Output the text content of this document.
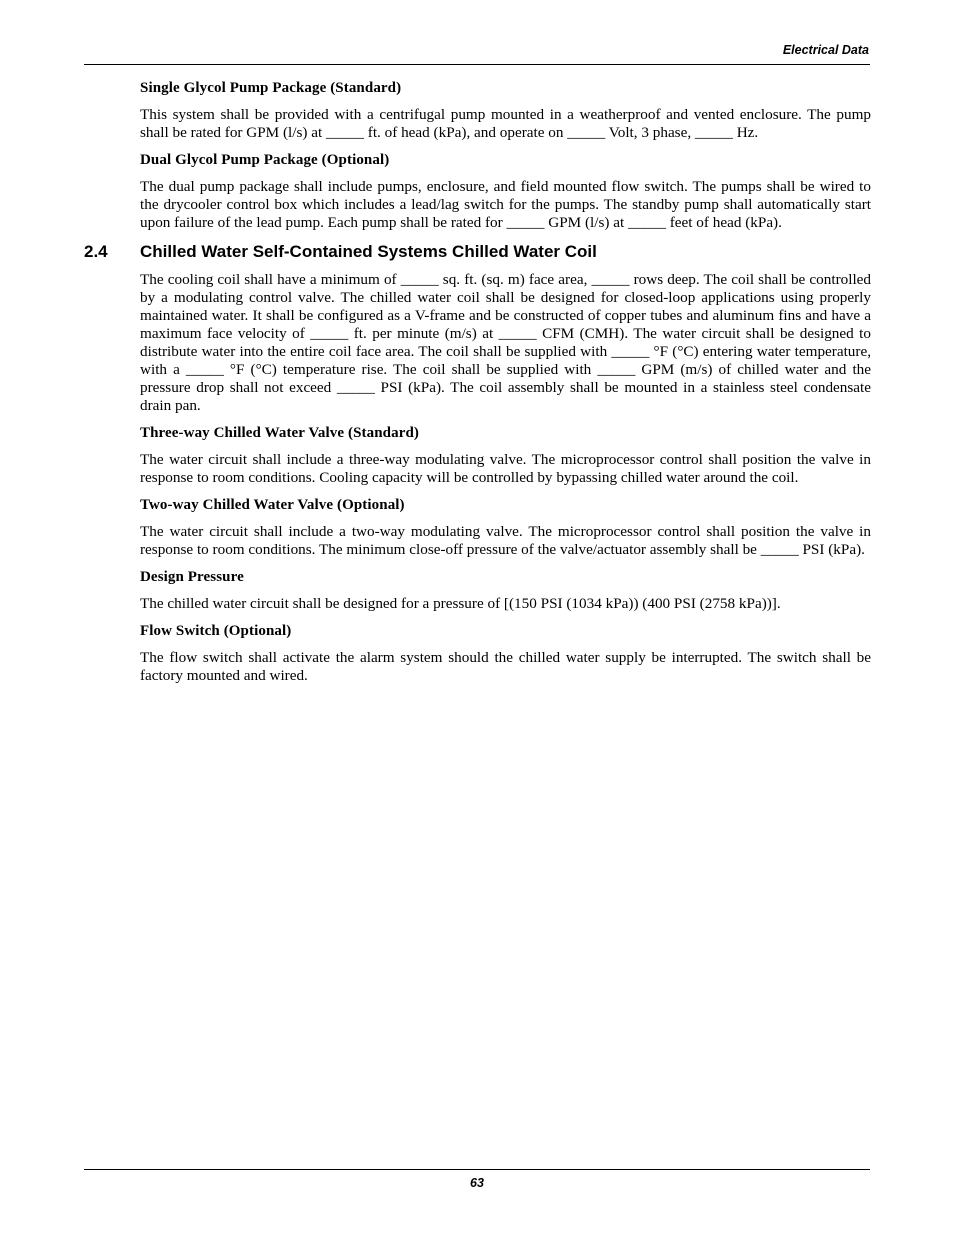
Electrical Data
Single Glycol Pump Package (Standard)
This system shall be provided with a centrifugal pump mounted in a weatherproof and vented enclosure. The pump shall be rated for GPM (l/s) at _____ ft. of head (kPa), and operate on _____ Volt, 3 phase, _____ Hz.
Dual Glycol Pump Package (Optional)
The dual pump package shall include pumps, enclosure, and field mounted flow switch. The pumps shall be wired to the drycooler control box which includes a lead/lag switch for the pumps. The standby pump shall automatically start upon failure of the lead pump. Each pump shall be rated for _____ GPM (l/s) at _____ feet of head (kPa).
2.4 Chilled Water Self-Contained Systems Chilled Water Coil
The cooling coil shall have a minimum of _____ sq. ft. (sq. m) face area, _____ rows deep. The coil shall be controlled by a modulating control valve. The chilled water coil shall be designed for closed-loop applications using properly maintained water. It shall be configured as a V-frame and be constructed of copper tubes and aluminum fins and have a maximum face velocity of _____ ft. per minute (m/s) at _____ CFM (CMH). The water circuit shall be designed to distribute water into the entire coil face area. The coil shall be supplied with _____ °F (°C) entering water temperature, with a _____ °F (°C) temperature rise. The coil shall be supplied with _____ GPM (m/s) of chilled water and the pressure drop shall not exceed _____ PSI (kPa). The coil assembly shall be mounted in a stainless steel condensate drain pan.
Three-way Chilled Water Valve (Standard)
The water circuit shall include a three-way modulating valve. The microprocessor control shall position the valve in response to room conditions. Cooling capacity will be controlled by bypassing chilled water around the coil.
Two-way Chilled Water Valve (Optional)
The water circuit shall include a two-way modulating valve. The microprocessor control shall position the valve in response to room conditions. The minimum close-off pressure of the valve/actuator assembly shall be _____ PSI (kPa).
Design Pressure
The chilled water circuit shall be designed for a pressure of [(150 PSI (1034 kPa)) (400 PSI (2758 kPa))].
Flow Switch (Optional)
The flow switch shall activate the alarm system should the chilled water supply be interrupted. The switch shall be factory mounted and wired.
63
